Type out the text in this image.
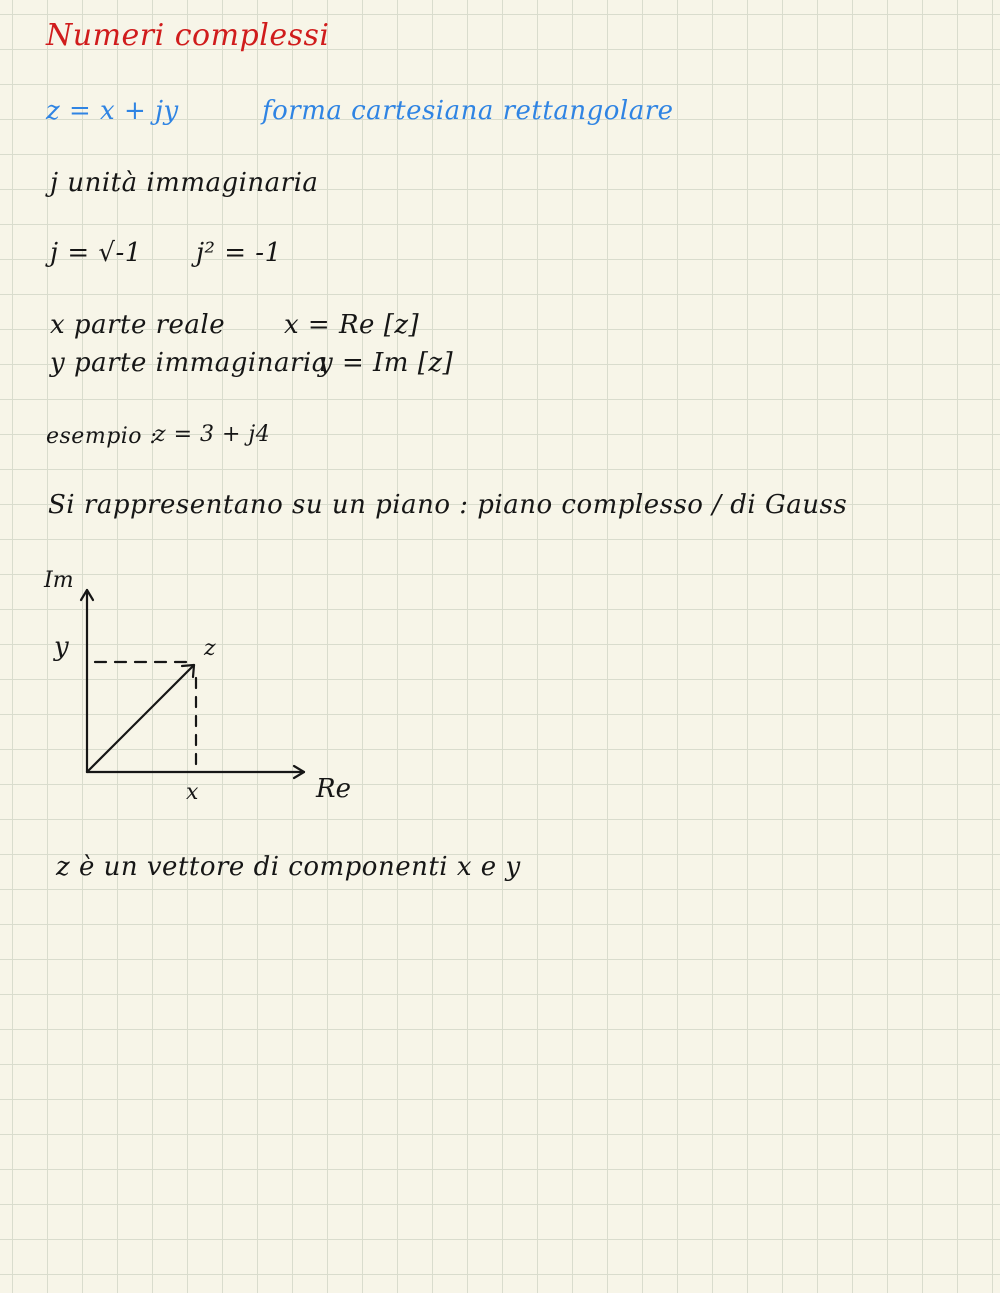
Numeri complessi
z = x + jy	forma cartesiana rettangolare
j unità immaginaria
j = √-1 j² = -1
x parte reale x = Re [z]
y parte immaginaria
y = Im [z]
esempio :
z = 3 + j4
Si rappresentano su un piano : piano complesso / di Gauss
Im
y	z
x	Re
z è un vettore di componenti x e y
